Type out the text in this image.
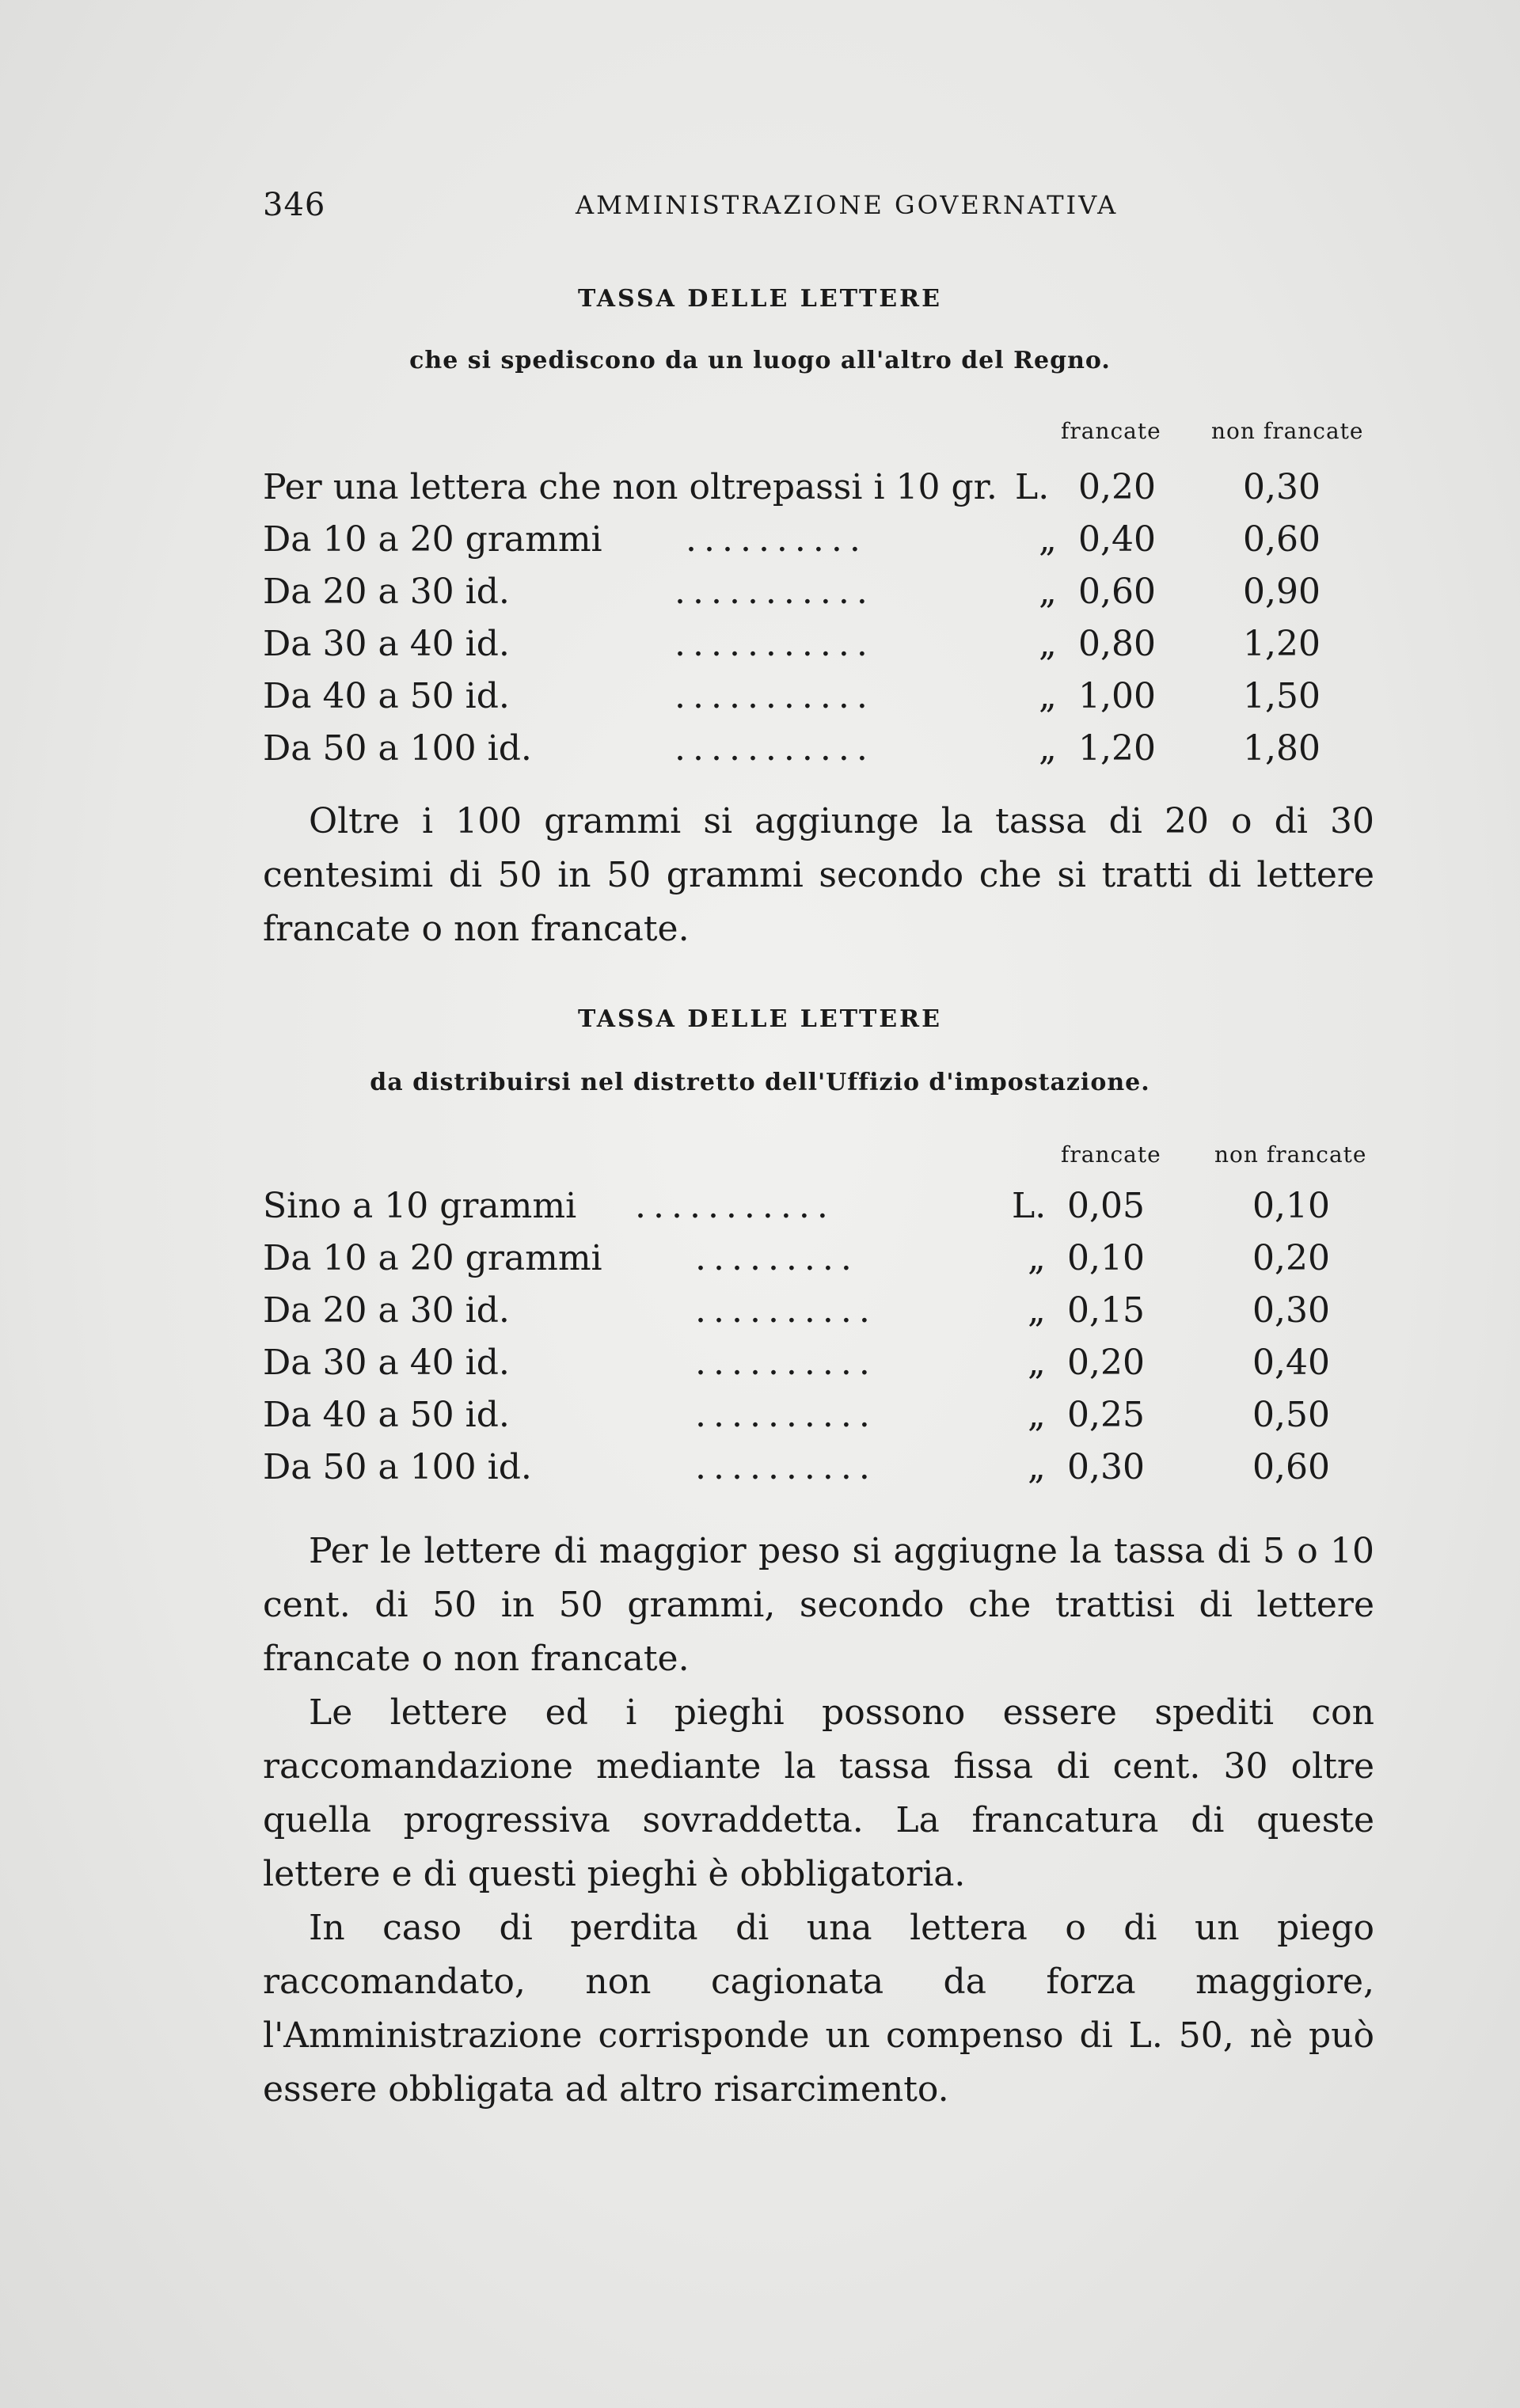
346	AMMINISTRAZIONE GOVERNATIVA
TASSA DELLE LETTERE
che si spediscono da un luogo all'altro del Regno.
francate non francate
Per una lettera che non oltrepassi i 10 gr. L. 0,20	0,30
Da 10 a 20 grammi ..........	„ 0,40	0,60
Da 20 a 30 id.	...........	„ 0,60	0,90
Da 30 a 40 id.	...........	„ 0,80	1,20
Da 40 a 50 id.	...........	„ 1,00	1,50
Da 50 a 100 id.	...........	„ 1,20	1,80
Oltre i 100 grammi si aggiunge la tassa di 20 o di 30 centesimi di 50 in 50 grammi secondo che si tratti di lettere francate o non francate.
TASSA DELLE LETTERE
da distribuirsi nel distretto dell'Uffizio d'impostazione.
francate non francate
Sino a 10 grammi ...........	L. 0,05	0,10
Da 10 a 20 grammi	.........	„ 0,10	0,20
Da 20 a 30 id.	..........	„ 0,15	0,30
Da 30 a 40 id.	..........	„ 0,20	0,40
Da 40 a 50 id.	..........	„ 0,25	0,50
Da 50 a 100 id.	..........	„ 0,30	0,60
Per le lettere di maggior peso si aggiugne la tassa di 5 o 10 cent. di 50 in 50 grammi, secondo che trattisi di lettere francate o non francate.
Le lettere ed i pieghi possono essere spediti con raccomandazione mediante la tassa fissa di cent. 30 oltre quella progressiva sovraddetta. La francatura di queste lettere e di questi pieghi è obbligatoria.
In caso di perdita di una lettera o di un piego raccomandato, non cagionata da forza maggiore, l'Amministrazione corrisponde un compenso di L. 50, nè può essere obbligata ad altro risarcimento.
